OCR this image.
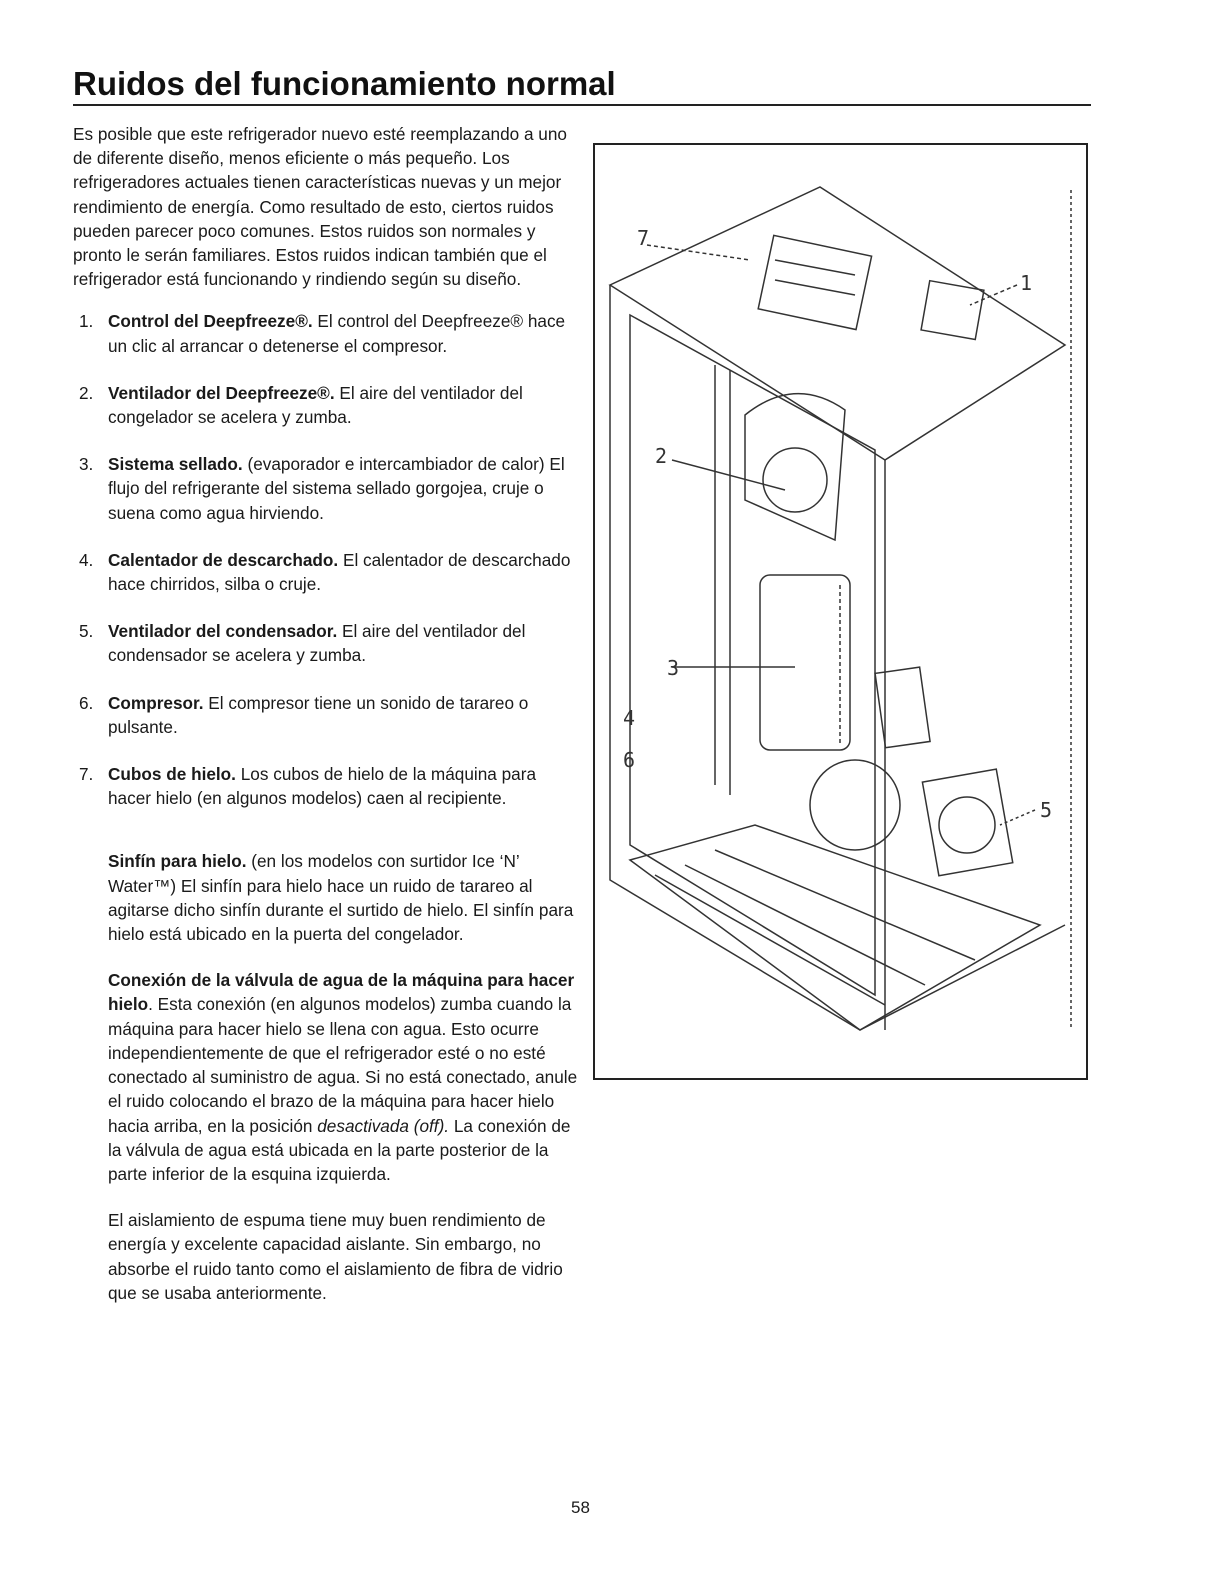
Ruidos del funcionamiento normal

Es posible que este refrigerador nuevo esté reemplazando a uno de diferente diseño, menos eficiente o más pequeño. Los refrigeradores actuales tienen características nuevas y un mejor rendimiento de energía. Como resultado de esto, ciertos ruidos pueden parecer poco comunes. Estos ruidos son normales y pronto le serán familiares. Estos ruidos indican también que el refrigerador está funcionando y rindiendo según su diseño.

1. Control del Deepfreeze®. El control del Deepfreeze® hace un clic al arrancar o detenerse el compresor.
2. Ventilador del Deepfreeze®. El aire del ventilador del congelador se acelera y zumba.
3. Sistema sellado. (evaporador e intercambiador de calor) El flujo del refrigerante del sistema sellado gorgojea, cruje o suena como agua hirviendo.
4. Calentador de descarchado. El calentador de descarchado hace chirridos, silba o cruje.
5. Ventilador del condensador. El aire del ventilador del condensador se acelera y zumba.
6. Compresor. El compresor tiene un sonido de tarareo o pulsante.
7. Cubos de hielo. Los cubos de hielo de la máquina para hacer hielo (en algunos modelos) caen al recipiente.

Sinfín para hielo. (en los modelos con surtidor Ice ‘N’ Water™) El sinfín para hielo hace un ruido de tarareo al agitarse dicho sinfín durante el surtido de hielo. El sinfín para hielo está ubicado en la puerta del congelador.

Conexión de la válvula de agua de la máquina para hacer hielo. Esta conexión (en algunos modelos) zumba cuando la máquina para hacer hielo se llena con agua. Esto ocurre independientemente de que el refrigerador esté o no esté conectado al suministro de agua. Si no está conectado, anule el ruido colocando el brazo de la máquina para hacer hielo hacia arriba, en la posición desactivada (off). La conexión de la válvula de agua está ubicada en la parte posterior de la parte inferior de la esquina izquierda.

El aislamiento de espuma tiene muy buen rendimiento de energía y excelente capacidad aislante. Sin embargo, no absorbe el ruido tanto como el aislamiento de fibra de vidrio que se usaba anteriormente.

7
1
2
3
4
6
5
58
